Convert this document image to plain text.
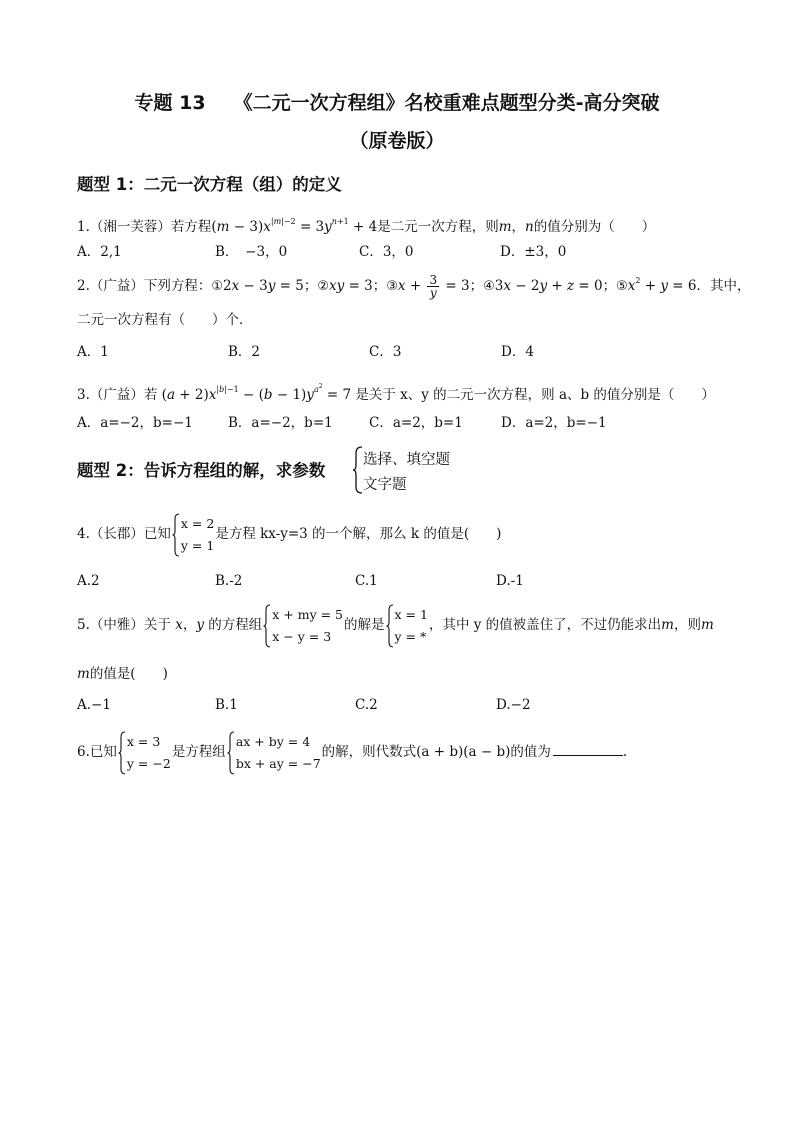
专题 13 《二元一次方程组》名校重难点题型分类-高分突破
（原卷版）
题型 1：二元一次方程（组）的定义
1.（湘一芙蓉）若方程$(m - 3)x^{|m|-2} = 3y^{n+1} + 4$是二元一次方程，则m，n的值分别为（　　）
A．2,1	B．　−3，0	C．3，0	D．±3，0
2.（广益）下列方程：①2x − 3y = 5；②xy = 3；③x + $\frac{3}{y} = 3$；④3x − 2y + z = 0；$⑤x^2 + y = 6$．其中，
二元一次方程有（　　）个．
A．1	B．2	C．3	D．4
3.（广益）若 $(a + 2)x^{|b|-1} - (b - 1)y^{a^2} = 7$ 是关于 x、y 的二元一次方程，则 a、b 的值分别是（　　）
A．a=−2，b=−1	B．a=−2，b=1	C．a=2，b=1	D．a=2，b=−1
题型 2：告诉方程组的解，求参数
选择、填空题
文字题
4.（长郡）已知
x = 2
y = 1
是方程 kx-y=3 的一个解，那么 k 的值是(　　)
A.2	B.-2	C.1	D.-1
5.（中雅）关于 x，y 的方程组
x + my = 5
x − y = 3
的解是
x = 1
y = *
，其中 y 的值被盖住了，不过仍能求出m，则m
m的值是(　　)
A.−1	B.1	C.2	D.−2
6.已知
x = 3
y = −2
是方程组
ax + by = 4
bx + ay = −7
的解，则代数式(a + b)(a − b)的值为	.
